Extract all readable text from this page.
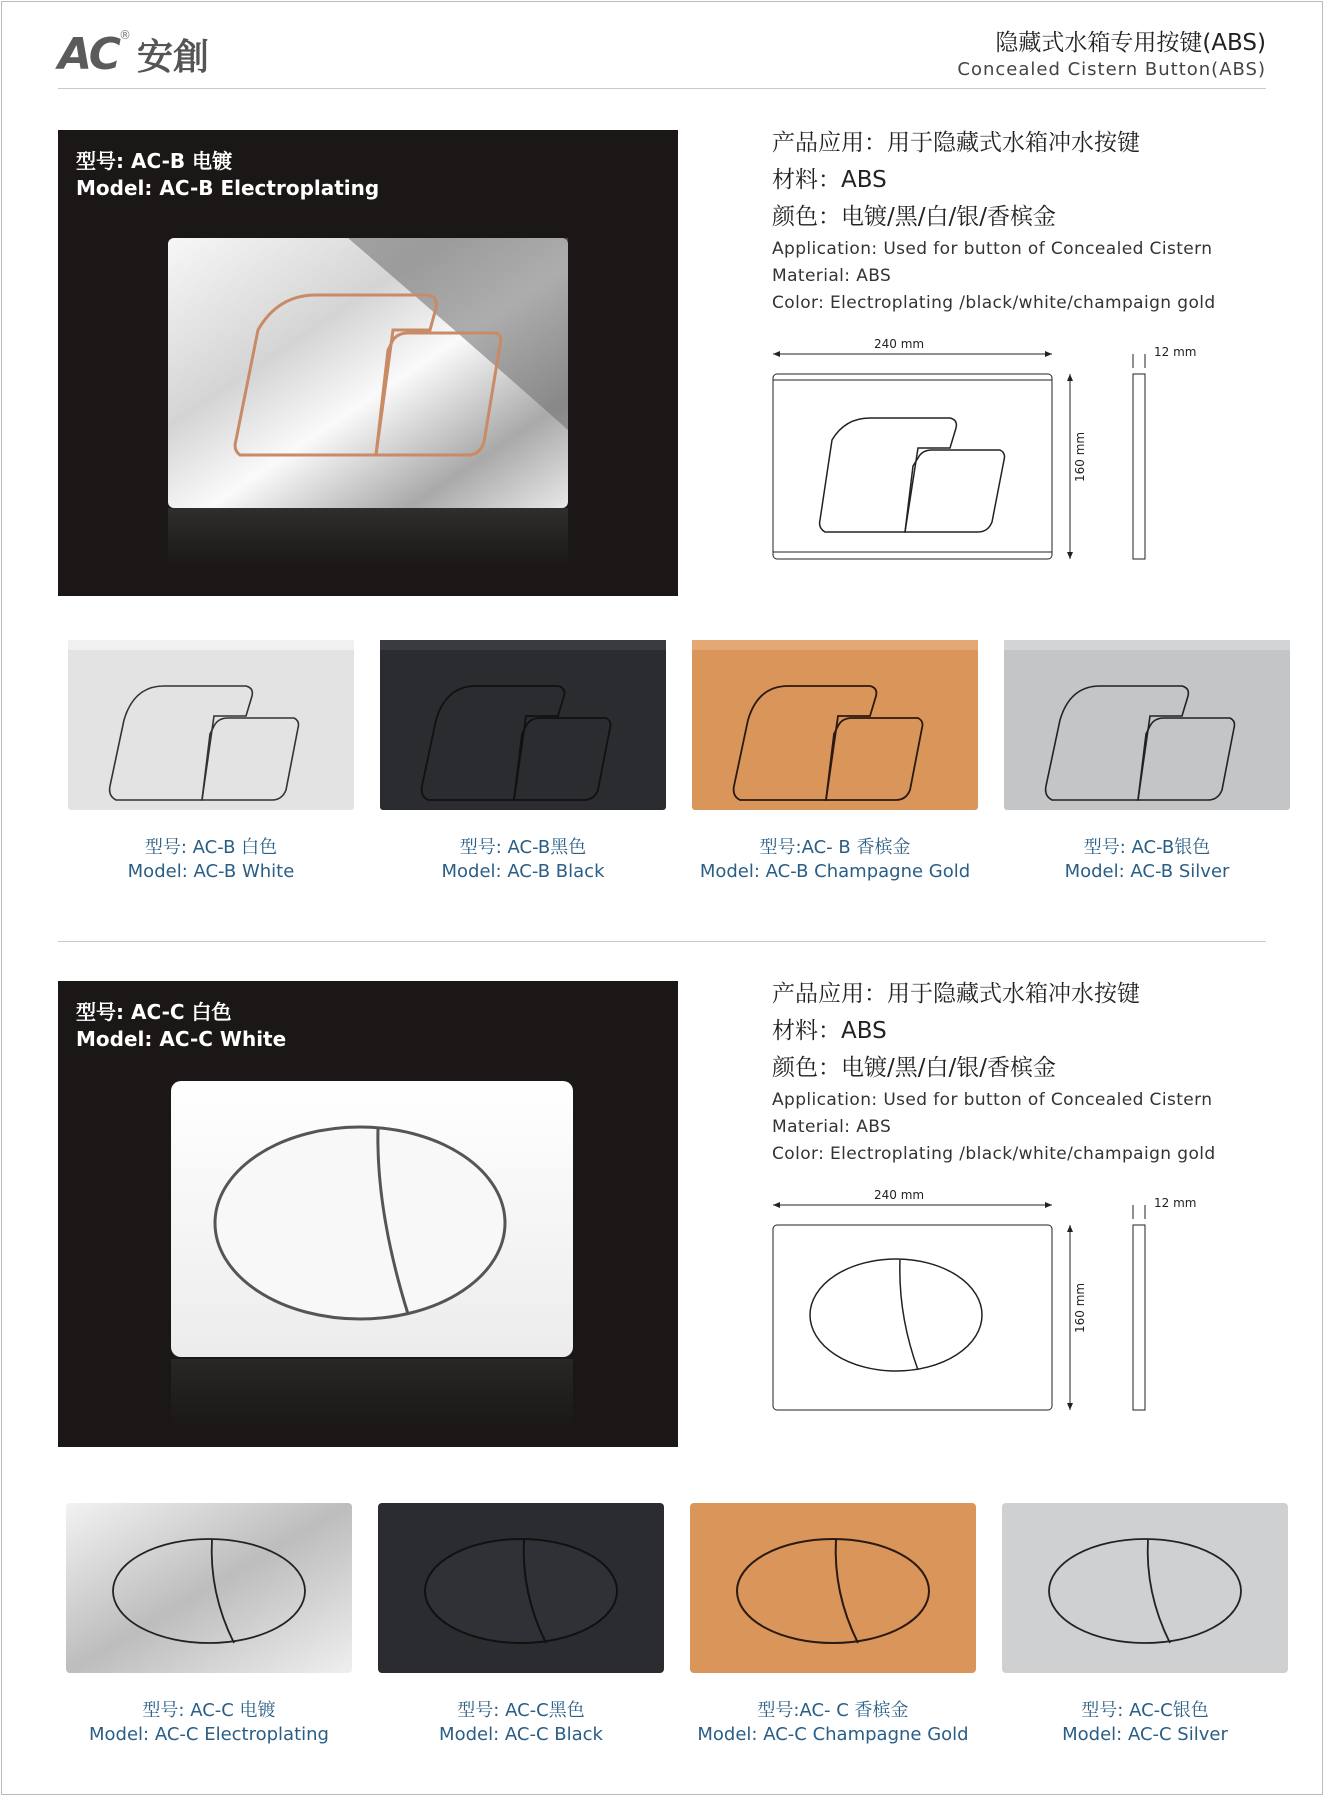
AC ®
安創	隐藏式水箱专用按键(ABS)
Concealed Cistern Button(ABS)
型号: AC-B 电镀
Model: AC-B Electroplating
产品应用：用于隐藏式水箱冲水按键
材料：ABS
颜色：电镀/黑/白/银/香槟金
Application: Used for button of Concealed Cistern
Material: ABS
Color: Electroplating /black/white/champaign gold
240 mm
160 mm
12 mm
型号: AC-B 白色
Model: AC-B White
型号: AC-B黑色
Model: AC-B Black
型号:AC- B 香槟金
Model: AC-B Champagne Gold
型号: AC-B银色
Model: AC-B Silver
型号: AC-C 白色
Model: AC-C White
产品应用：用于隐藏式水箱冲水按键
材料：ABS
颜色：电镀/黑/白/银/香槟金
Application: Used for button of Concealed Cistern
Material: ABS
Color: Electroplating /black/white/champaign gold
240 mm
160 mm
12 mm
型号: AC-C 电镀
Model: AC-C Electroplating
型号: AC-C黑色
Model: AC-C Black
型号:AC- C 香槟金
Model: AC-C Champagne Gold
型号: AC-C银色
Model: AC-C Silver
